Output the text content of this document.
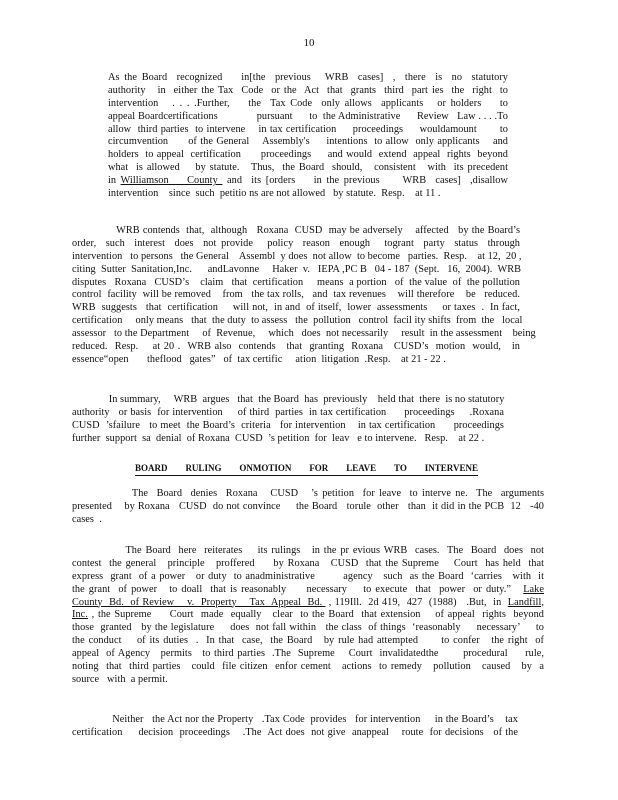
10
As the Board  recognized    in[the  previous   WRB  cases]  ,  there  is  no  statutory
authority   in  either the Tax  Code  or the  Act  that  grants  third  part ies  the  right  to
intervention   . . . .Further,    the  Tax Code  only allows  applicants   or holders    to
appeal Boardcertifications              pursuant      to  the Administrative      Review   Law . . . .To
allow  third parties  to intervene    in tax certification     proceedings     wouldamount       to
circumvention      of the General    Assembly's     intentions  to allow  only applicants    and
holders  to appeal  certification      proceedings     and would  extend  appeal  rights  beyond
what  is allowed    by statute.   Thus,  the Board  should,   consistent   with  its precedent
in Williamson    County  and  its [orders    in the previous     WRB  cases]  ,disallow
intervention    since  such  petitio ns are not allowed   by statute.  Resp.    at 11 .
WRB contends  that,  although   Roxana  CUSD  may be adversely    affected   by the Board’s
order,  such  interest  does  not provide   policy  reason  enough   togrant  party  status  through
intervention   to persons   the General    Assembl  y does  not allow  to become   parties.  Resp.    at 12,  20 ,
citing  Sutter  Sanitation,Inc.      andLavonne     Haker  v.   IEPA ,PC B   04 - 187  (Sept.   16,  2004).  WRB
disputes   Roxana   CUSD’s    claim   that  certification     means  a portion   of  the value  of  the pollution
control  facility  will be removed    from   the tax rolls,   and  tax revenues    will therefore    be   reduced.
WRB  suggests   that  certification     will not,  in and  of itself,  lower  assessments     or taxes  .  In fact,
certification     only means   that  the duty  to assess   the  pollution   control  facil ity shifts  from  the   local
assessor   to the Department     of  Revenue,     which   does  not necessarily     result  in the assessment    being
reduced.  Resp.    at 20 .  WRB also  contends   that  granting  Roxana   CUSD’s  motion  would,   in
essence“open       theflood   gates”   of  tax certific     ation  litigation  .Resp.    at 21 - 22 .
In summary,     WRB  argues   that  the Board  has  previously    held that  there  is no statutory
authority   or basis  for intervention     of third  parties  in tax certification      proceedings     .Roxana
CUSD  ’sfailure   to meet  the Board’s  criteria   for intervention    in tax certification      proceedings
further  support  sa  denial  of Roxana  CUSD  ’s petition  for  leav   e to intervene.   Resp.    at 22 .
BOARD RULING ONMOTION FOR LEAVE TO INTERVENE
The  Board  denies  Roxana   CUSD   ’s petition  for leave  to interve ne.  The  arguments
presented    by Roxana   CUSD  do not convince     the Board   torule  other   than  it did in the PCB  12   -40
cases  .
The Board  here  reiterates    its rulings   in the pr evious WRB  cases.  The  Board  does  not
contest  the general   principle   proffered     by Roxana   CUSD  that the Supreme    Court  has held  that
express  grant  of a power   or duty  to anadministrative        agency   such  as the Board  ‘carries   with  it
the grant  of power   to doall  that is reasonably     necessary    to execute  that  power  or duty.”   Lake
County  Bd.  of Review    v.  Property    Tax  Appeal  Bd.  , 119Ill.  2d 419,  427  (1988)   .But,  in  Landfill,
Inc. , the Supreme     Court  made  equally   clear  to the Board  that extension    of appeal  rights  beyond
those  granted   by the legislature     does  not fall within   the class  of things  ‘reasonably     necessary’     to
the conduct    of its duties  .  In that  case,  the Board   by rule had attempted      to confer   the right  of
appeal  of Agency   permits   to third parties  .The  Supreme    Court  invalidatedthe       procedural     rule,
noting  that  third parties   could  file citizen  enfor cement   actions  to remedy   pollution   caused   by  a
source   with  a permit.
Neither   the Act nor the Property   .Tax Code  provides   for intervention     in the Board’s    tax
certification     decision  proceedings    .The  Act does  not give  anappeal    route  for decisions   of the
